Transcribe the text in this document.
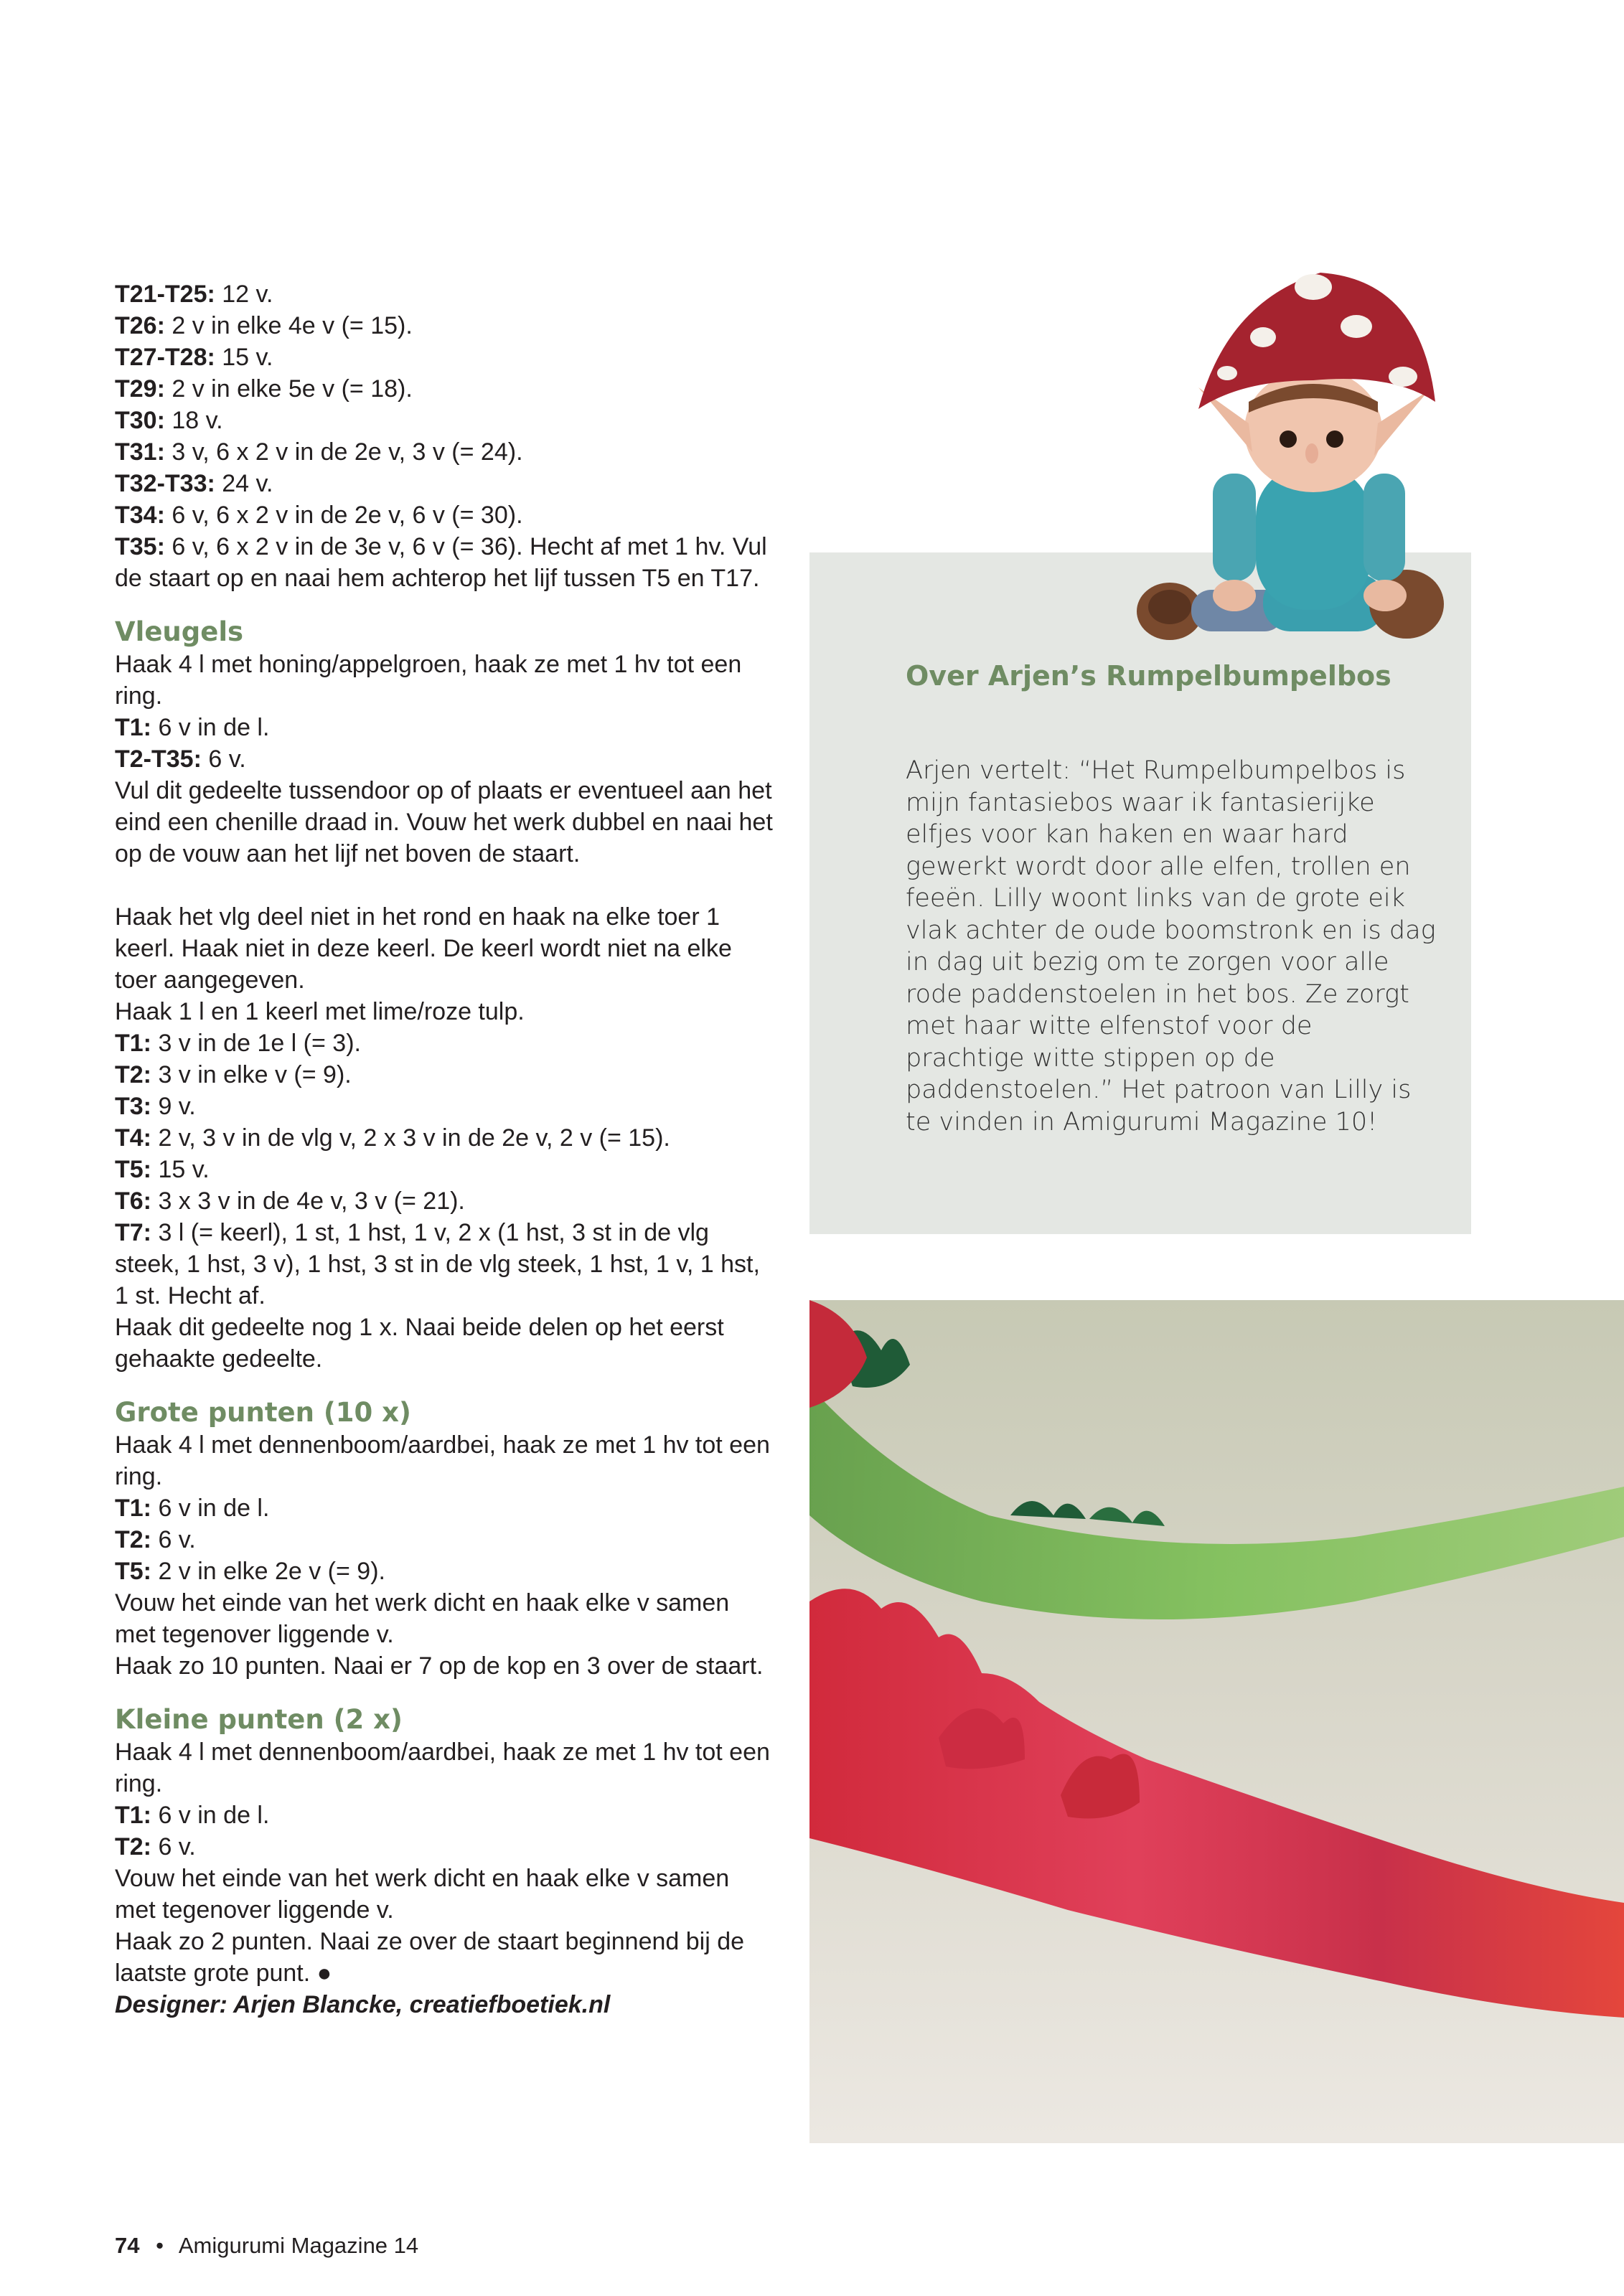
T21-T25: 12 v.

T26: 2 v in elke 4e v (= 15).

T27-T28: 15 v.

T29: 2 v in elke 5e v (= 18).

T30: 18 v.

T31: 3 v, 6 x 2 v in de 2e v, 3 v (= 24).

T32-T33: 24 v.

T34: 6 v, 6 x 2 v in de 2e v, 6 v (= 30).

T35: 6 v, 6 x 2 v in de 3e v, 6 v (= 36). Hecht af met 1 hv. Vul de staart op en naai hem achterop het lijf tussen T5 en T17.

Vleugels

Haak 4 l met honing/appelgroen, haak ze met 1 hv tot een ring.

T1: 6 v in de l.

T2-T35: 6 v.

Vul dit gedeelte tussendoor op of plaats er eventueel aan het eind een chenille draad in. Vouw het werk dubbel en naai het op de vouw aan het lijf net boven de staart.

Haak het vlg deel niet in het rond en haak na elke toer 1 keerl. Haak niet in deze keerl. De keerl wordt niet na elke toer aangegeven.

Haak 1 l en 1 keerl met lime/roze tulp.

T1: 3 v in de 1e l (= 3).

T2: 3 v in elke v (= 9).

T3: 9 v.

T4: 2 v, 3 v in de vlg v, 2 x 3 v in de 2e v, 2 v (= 15).

T5: 15 v.

T6: 3 x 3 v in de 4e v, 3 v (= 21).

T7: 3 l (= keerl), 1 st, 1 hst, 1 v, 2 x (1 hst, 3 st in de vlg steek, 1 hst, 3 v), 1 hst, 3 st in de vlg steek, 1 hst, 1 v, 1 hst, 1 st. Hecht af.

Haak dit gedeelte nog 1 x. Naai beide delen op het eerst gehaakte gedeelte.

Grote punten (10 x)

Haak 4 l met dennenboom/aardbei, haak ze met 1 hv tot een ring.

T1: 6 v in de l.

T2: 6 v.

T5: 2 v in elke 2e v (= 9).

Vouw het einde van het werk dicht en haak elke v samen met tegenover liggende v.

Haak zo 10 punten. Naai er 7 op de kop en 3 over de staart.

Kleine punten (2 x)

Haak 4 l met dennenboom/aardbei, haak ze met 1 hv tot een ring.

T1: 6 v in de l.

T2: 6 v.

Vouw het einde van het werk dicht en haak elke v samen met tegenover liggende v.

Haak zo 2 punten. Naai ze over de staart beginnend bij de laatste grote punt. ●

Designer: Arjen Blancke, creatiefboetiek.nl

Over Arjen’s Rumpelbumpelbos

Arjen vertelt: “Het Rumpelbumpelbos is mijn fantasiebos waar ik fantasierijke elfjes voor kan haken en waar hard gewerkt wordt door alle elfen, trollen en feeën. Lilly woont links van de grote eik vlak achter de oude boomstronk en is dag in dag uit bezig om te zorgen voor alle rode paddenstoelen in het bos. Ze zorgt met haar witte elfenstof voor de prachtige witte stippen op de paddenstoelen.” Het patroon van Lilly is te vinden in Amigurumi Magazine 10!

74 • Amigurumi Magazine 14
